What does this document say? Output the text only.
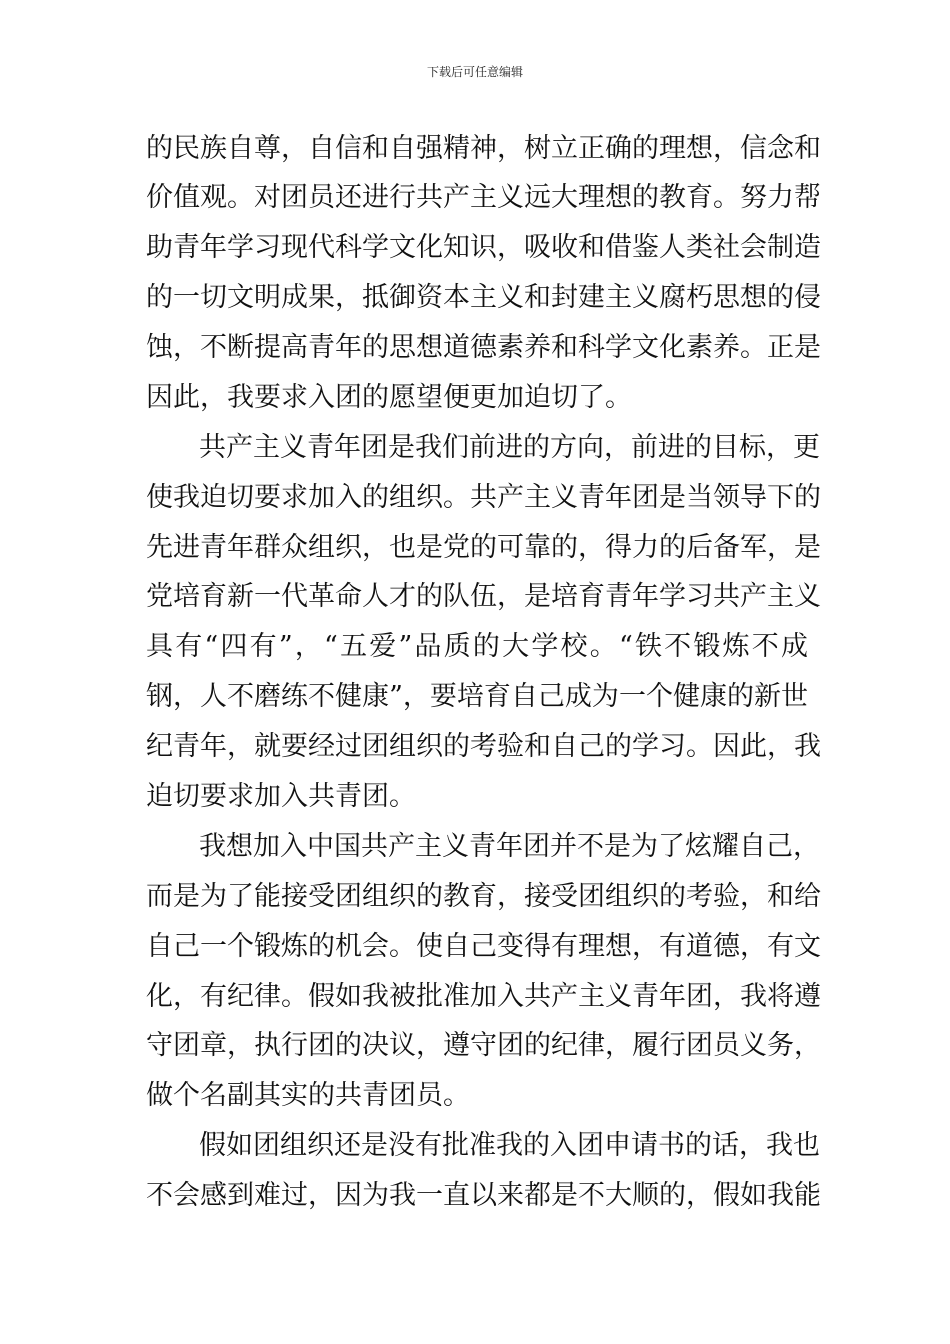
下载后可任意编辑
的民族自尊，自信和自强精神，树立正确的理想，信念和
价值观。对团员还进行共产主义远大理想的教育。努力帮
助青年学习现代科学文化知识，吸收和借鉴人类社会制造
的一切文明成果，抵御资本主义和封建主义腐朽思想的侵
蚀，不断提高青年的思想道德素养和科学文化素养。正是
因此，我要求入团的愿望便更加迫切了。
共产主义青年团是我们前进的方向，前进的目标，更
使我迫切要求加入的组织。共产主义青年团是当领导下的
先进青年群众组织，也是党的可靠的，得力的后备军，是
党培育新一代革命人才的队伍，是培育青年学习共产主义
具有“四有”，“五爱”品质的大学校。“铁不锻炼不成
钢，人不磨练不健康”，要培育自己成为一个健康的新世
纪青年，就要经过团组织的考验和自己的学习。因此，我
迫切要求加入共青团。
我想加入中国共产主义青年团并不是为了炫耀自己，
而是为了能接受团组织的教育，接受团组织的考验，和给
自己一个锻炼的机会。使自己变得有理想，有道德，有文
化，有纪律。假如我被批准加入共产主义青年团，我将遵
守团章，执行团的决议，遵守团的纪律，履行团员义务，
做个名副其实的共青团员。
假如团组织还是没有批准我的入团申请书的话，我也
不会感到难过，因为我一直以来都是不大顺的，假如我能
